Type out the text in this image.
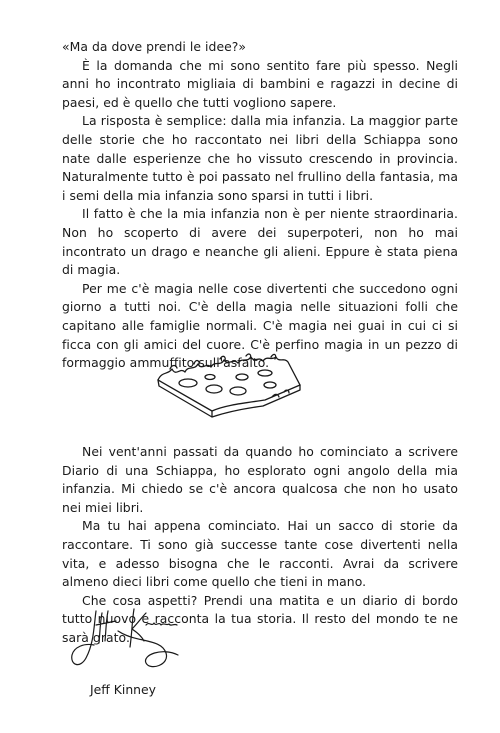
«Ma da dove prendi le idee?»

È la domanda che mi sono sentito fare più spesso. Negli anni ho incontrato migliaia di bambini e ragazzi in decine di paesi, ed è quello che tutti vogliono sapere.

La risposta è semplice: dalla mia infanzia. La maggior parte delle storie che ho raccontato nei libri della Schiappa sono nate dalle esperienze che ho vissuto crescendo in provincia. Naturalmente tutto è poi passato nel frullino della fantasia, ma i semi della mia infanzia sono sparsi in tutti i libri.

Il fatto è che la mia infanzia non è per niente straordinaria. Non ho scoperto di avere dei superpoteri, non ho mai incontrato un drago e neanche gli alieni. Eppure è stata piena di magia.

Per me c'è magia nelle cose divertenti che succedono ogni giorno a tutti noi. C'è della magia nelle situazioni folli che capitano alle famiglie normali. C'è magia nei guai in cui ci si ficca con gli amici del cuore. C'è perfino magia in un pezzo di formaggio ammuffito sull'asfalto.

Nei vent'anni passati da quando ho cominciato a scrivere Diario di una Schiappa, ho esplorato ogni angolo della mia infanzia. Mi chiedo se c'è ancora qualcosa che non ho usato nei miei libri.

Ma tu hai appena cominciato. Hai un sacco di storie da raccontare. Ti sono già successe tante cose divertenti nella vita, e adesso bisogna che le racconti. Avrai da scrivere almeno dieci libri come quello che tieni in mano.

Che cosa aspetti? Prendi una matita e un diario di bordo tutto nuovo e racconta la tua storia. Il resto del mondo te ne sarà grato.

Jeff Kinney
